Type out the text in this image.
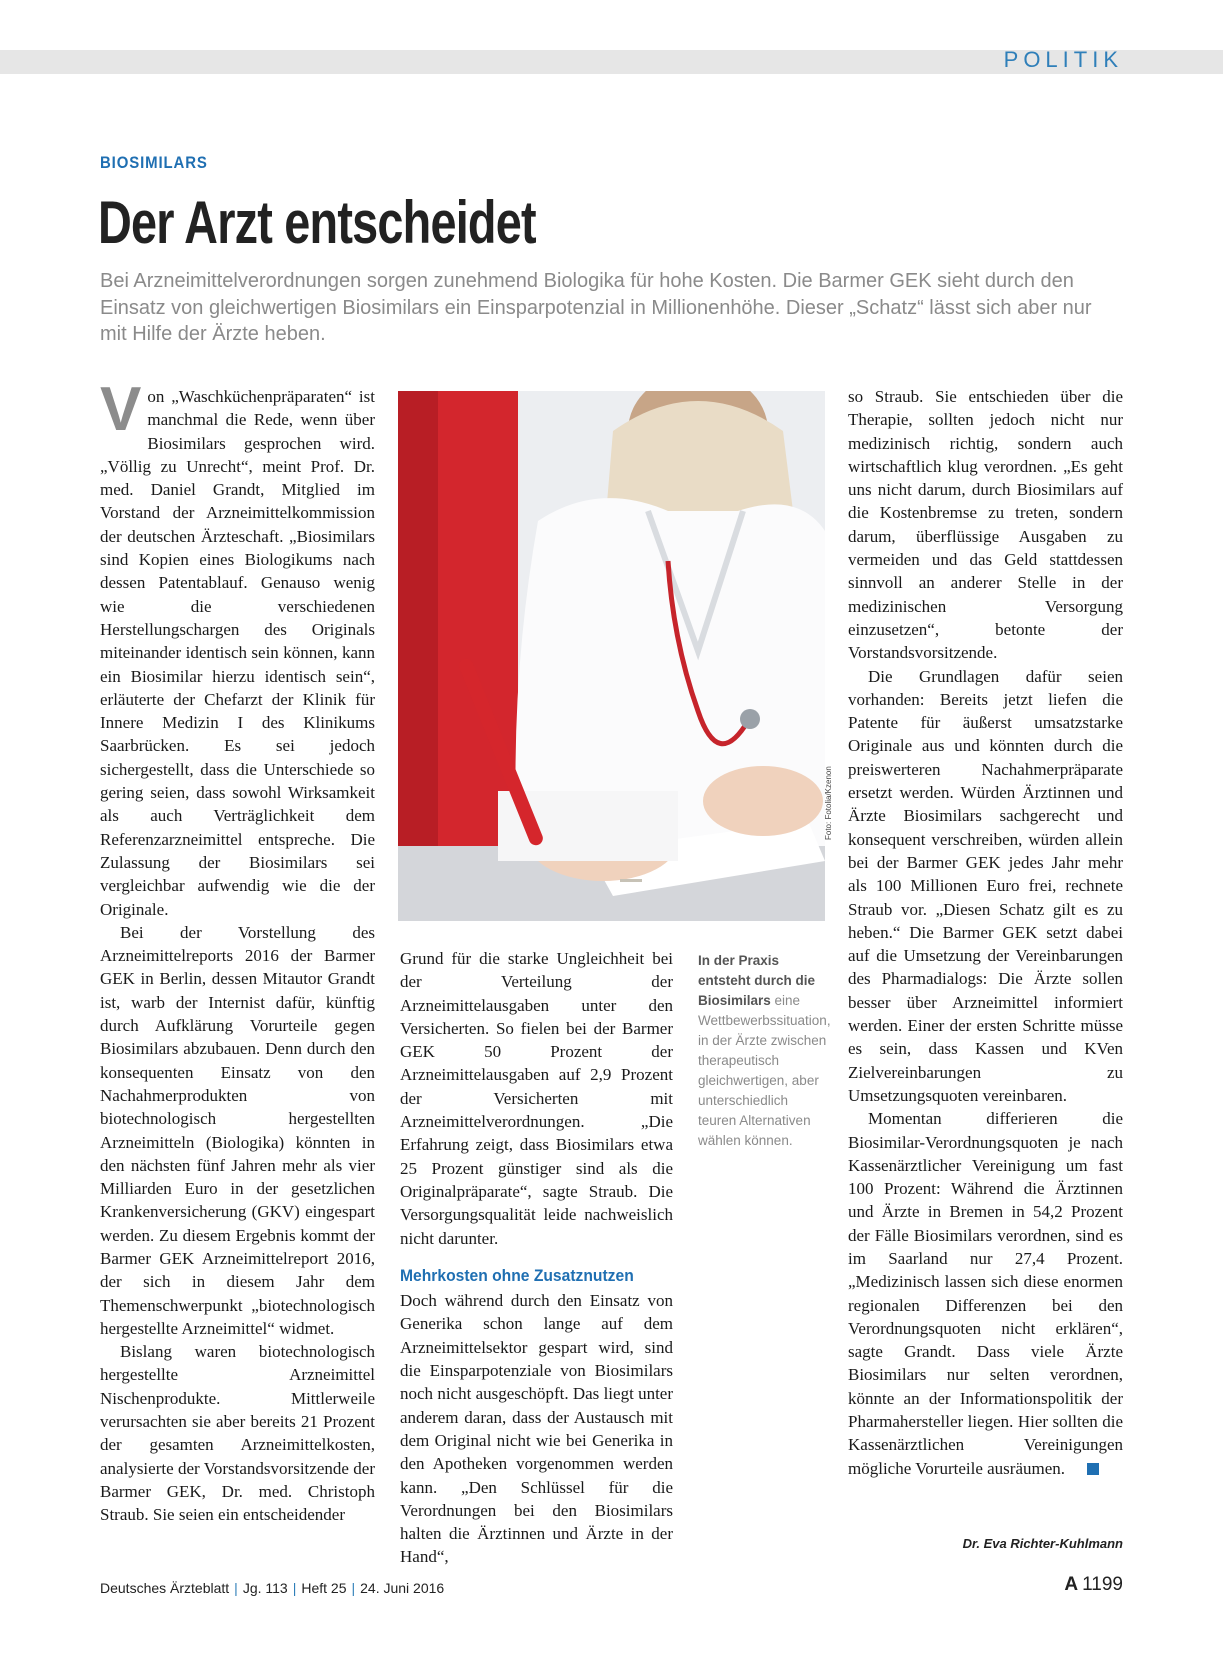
POLITIK
BIOSIMILARS
Der Arzt entscheidet
Bei Arzneimittelverordnungen sorgen zunehmend Biologika für hohe Kosten. Die Barmer GEK sieht durch den Einsatz von gleichwertigen Biosimilars ein Einsparpotenzial in Millionenhöhe. Dieser „Schatz“ lässt sich aber nur mit Hilfe der Ärzte heben.

Von „Waschküchenpräparaten“ ist manchmal die Rede, wenn über Biosimilars gesprochen wird. „Völlig zu Unrecht“, meint Prof. Dr. med. Daniel Grandt, Mitglied im Vorstand der Arzneimittelkommission der deutschen Ärzteschaft. „Biosimilars sind Kopien eines Biologikums nach dessen Patentablauf. Genauso wenig wie die verschiedenen Herstellungschargen des Originals miteinander identisch sein können, kann ein Biosimilar hierzu identisch sein“, erläuterte der Chefarzt der Klinik für Innere Medizin I des Klinikums Saarbrücken. Es sei jedoch sichergestellt, dass die Unterschiede so gering seien, dass sowohl Wirksamkeit als auch Verträglichkeit dem Referenzarzneimittel entspreche. Die Zulassung der Biosimilars sei vergleichbar aufwendig wie die der Originale.

Bei der Vorstellung des Arzneimittelreports 2016 der Barmer GEK in Berlin, dessen Mitautor Grandt ist, warb der Internist dafür, künftig durch Aufklärung Vorurteile gegen Biosimilars abzubauen. Denn durch den konsequenten Einsatz von den Nachahmerprodukten von biotechnologisch hergestellten Arzneimitteln (Biologika) könnten in den nächsten fünf Jahren mehr als vier Milliarden Euro in der gesetzlichen Krankenversicherung (GKV) eingespart werden. Zu diesem Ergebnis kommt der Barmer GEK Arzneimittelreport 2016, der sich in diesem Jahr dem Themenschwerpunkt „biotechnologisch hergestellte Arzneimittel“ widmet.

Bislang waren biotechnologisch hergestellte Arzneimittel Nischenprodukte. Mittlerweile verursachten sie aber bereits 21 Prozent der gesamten Arzneimittelkosten, analysierte der Vorstandsvorsitzende der Barmer GEK, Dr. med. Christoph Straub. Sie seien ein entscheidender

Foto: Fotolia/Kzenon
In der Praxis entsteht durch die Biosimilars eine Wettbewerbssituation, in der Ärzte zwischen therapeutisch gleichwertigen, aber unterschiedlich teuren Alternativen wählen können.

Grund für die starke Ungleichheit bei der Verteilung der Arzneimittelausgaben unter den Versicherten. So fielen bei der Barmer GEK 50 Prozent der Arzneimittelausgaben auf 2,9 Prozent der Versicherten mit Arzneimittelverordnungen. „Die Erfahrung zeigt, dass Biosimilars etwa 25 Prozent günstiger sind als die Originalpräparate“, sagte Straub. Die Versorgungsqualität leide nachweislich nicht darunter.

Mehrkosten ohne Zusatznutzen

Doch während durch den Einsatz von Generika schon lange auf dem Arzneimittelsektor gespart wird, sind die Einsparpotenziale von Biosimilars noch nicht ausgeschöpft. Das liegt unter anderem daran, dass der Austausch mit dem Original nicht wie bei Generika in den Apotheken vorgenommen werden kann. „Den Schlüssel für die Verordnungen bei den Biosimilars halten die Ärztinnen und Ärzte in der Hand“,

so Straub. Sie entschieden über die Therapie, sollten jedoch nicht nur medizinisch richtig, sondern auch wirtschaftlich klug verordnen. „Es geht uns nicht darum, durch Biosimilars auf die Kostenbremse zu treten, sondern darum, überflüssige Ausgaben zu vermeiden und das Geld stattdessen sinnvoll an anderer Stelle in der medizinischen Versorgung einzusetzen“, betonte der Vorstandsvorsitzende.

Die Grundlagen dafür seien vorhanden: Bereits jetzt liefen die Patente für äußerst umsatzstarke Originale aus und könnten durch die preiswerteren Nachahmerpräparate ersetzt werden. Würden Ärztinnen und Ärzte Biosimilars sachgerecht und konsequent verschreiben, würden allein bei der Barmer GEK jedes Jahr mehr als 100 Millionen Euro frei, rechnete Straub vor. „Diesen Schatz gilt es zu heben.“ Die Barmer GEK setzt dabei auf die Umsetzung der Vereinbarungen des Pharmadialogs: Die Ärzte sollen besser über Arzneimittel informiert werden. Einer der ersten Schritte müsse es sein, dass Kassen und KVen Zielvereinbarungen zu Umsetzungsquoten vereinbaren.

Momentan differieren die Biosimilar-Verordnungsquoten je nach Kassenärztlicher Vereinigung um fast 100 Prozent: Während die Ärztinnen und Ärzte in Bremen in 54,2 Prozent der Fälle Biosimilars verordnen, sind es im Saarland nur 27,4 Prozent. „Medizinisch lassen sich diese enormen regionalen Differenzen bei den Verordnungsquoten nicht erklären“, sagte Grandt. Dass viele Ärzte Biosimilars nur selten verordnen, könnte an der Informationspolitik der Pharmahersteller liegen. Hier sollten die Kassenärztlichen Vereinigungen mögliche Vorurteile ausräumen.

Dr. Eva Richter-Kuhlmann
Deutsches Ärzteblatt | Jg. 113 | Heft 25 | 24. Juni 2016	A 1199
